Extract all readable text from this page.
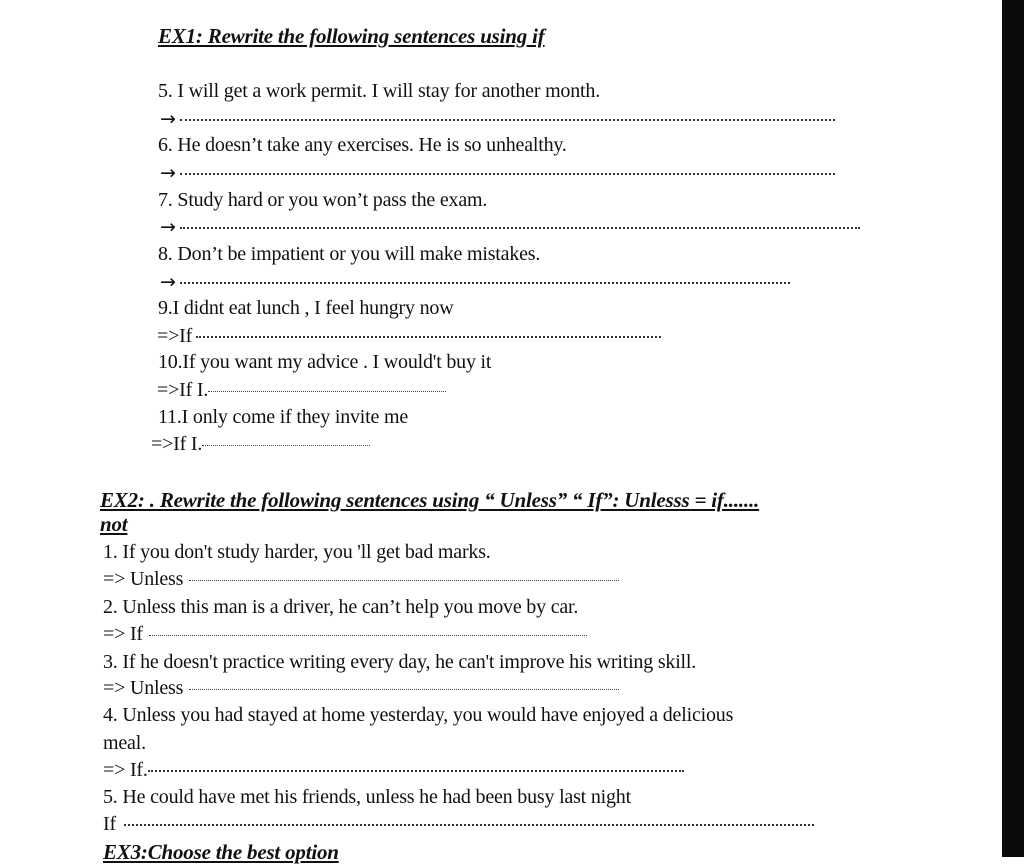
EX1: Rewrite the following sentences using if
5. I will get a work permit. I will stay for another month.
→
6. He doesn’t take any exercises. He is so unhealthy.
→
7. Study hard or you won’t pass the exam.
→
8. Don’t be impatient or you will make mistakes.
→
9.I didnt eat lunch , I feel hungry now
=>If
10.If you want my advice . I would't buy it
=>If I.
11.I only come if they invite me
=>If I.
EX2: . Rewrite the following sentences using “ Unless” “ If”: Unlesss = if.......
not
1. If you don't study harder, you 'll get bad marks.
=> Unless
2. Unless this man is a driver, he can’t help you move by car.
=> If
3. If he doesn't practice writing every day, he can't improve his writing skill.
=> Unless
4. Unless you had stayed at home yesterday, you would have enjoyed a delicious
meal.
=> If.
5. He could have met his friends, unless he had been busy last night
If
EX3:Choose the best option
